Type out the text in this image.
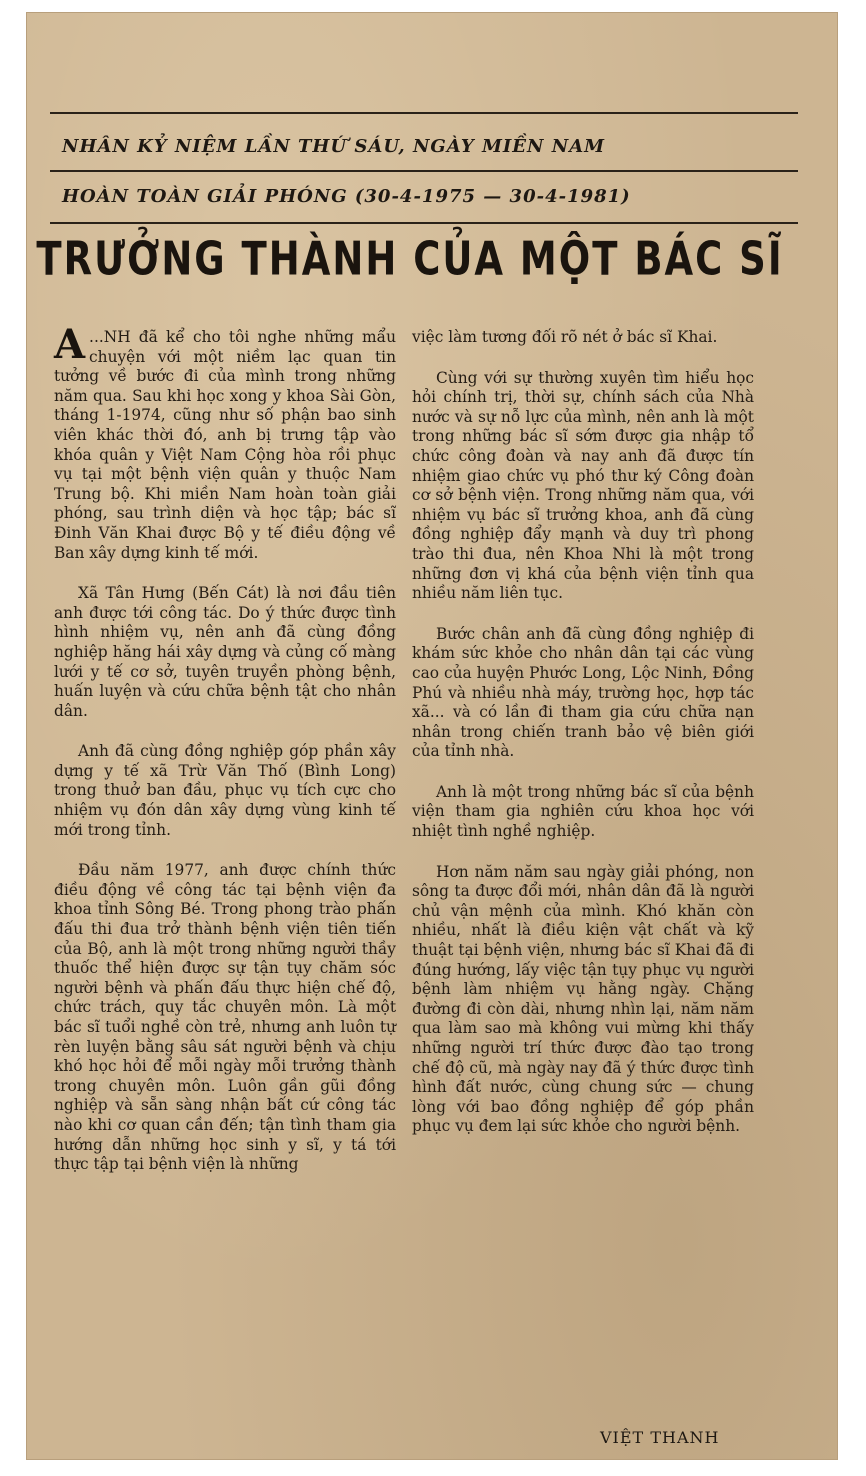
NHÂN KỶ NIỆM LẦN THỨ SÁU, NGÀY MIỀN NAM
HOÀN TOÀN GIẢI PHÓNG (30-4-1975 — 30-4-1981)
TRƯỞNG THÀNH CỦA MỘT BÁC SĨ

...
A NH đã kể cho tôi nghe những mẩu chuyện với một niềm lạc quan tin tưởng về bước đi của mình trong những năm qua. Sau khi học xong y khoa Sài Gòn, tháng 1-1974, cũng như số phận bao sinh viên khác thời đó, anh bị trưng tập vào khóa quân y Việt Nam Cộng hòa rồi phục vụ tại một bệnh viện quân y thuộc Nam Trung bộ. Khi miền Nam hoàn toàn giải phóng, sau trình diện và học tập; bác sĩ Đinh Văn Khai được Bộ y tế điều động về Ban xây dựng kinh tế mới.

Xã Tân Hưng (Bến Cát) là nơi đầu tiên anh được tới công tác. Do ý thức được tình hình nhiệm vụ, nên anh đã cùng đồng nghiệp hăng hái xây dựng và củng cố màng lưới y tế cơ sở, tuyên truyền phòng bệnh, huấn luyện và cứu chữa bệnh tật cho nhân dân.

Anh đã cùng đồng nghiệp góp phần xây dựng y tế xã Trừ Văn Thố (Bình Long) trong thuở ban đầu, phục vụ tích cực cho nhiệm vụ đón dân xây dựng vùng kinh tế mới trong tỉnh.

Đầu năm 1977, anh được chính thức điều động về công tác tại bệnh viện đa khoa tỉnh Sông Bé. Trong phong trào phấn đấu thi đua trở thành bệnh viện tiên tiến của Bộ, anh là một trong những người thầy thuốc thể hiện được sự tận tụy chăm sóc người bệnh và phấn đấu thực hiện chế độ, chức trách, quy tắc chuyên môn. Là một bác sĩ tuổi nghề còn trẻ, nhưng anh luôn tự rèn luyện bằng sâu sát người bệnh và chịu khó học hỏi để mỗi ngày mỗi trưởng thành trong chuyên môn. Luôn gần gũi đồng nghiệp và sẵn sàng nhận bất cứ công tác nào khi cơ quan cần đến; tận tình tham gia hướng dẫn những học sinh y sĩ, y tá tới thực tập tại bệnh viện là những

việc làm tương đối rõ nét ở bác sĩ Khai.

Cùng với sự thường xuyên tìm hiểu học hỏi chính trị, thời sự, chính sách của Nhà nước và sự nỗ lực của mình, nên anh là một trong những bác sĩ sớm được gia nhập tổ chức công đoàn và nay anh đã được tín nhiệm giao chức vụ phó thư ký Công đoàn cơ sở bệnh viện. Trong những năm qua, với nhiệm vụ bác sĩ trưởng khoa, anh đã cùng đồng nghiệp đẩy mạnh và duy trì phong trào thi đua, nên Khoa Nhi là một trong những đơn vị khá của bệnh viện tỉnh qua nhiều năm liên tục.

Bước chân anh đã cùng đồng nghiệp đi khám sức khỏe cho nhân dân tại các vùng cao của huyện Phước Long, Lộc Ninh, Đồng Phú và nhiều nhà máy, trường học, hợp tác xã... và có lần đi tham gia cứu chữa nạn nhân trong chiến tranh bảo vệ biên giới của tỉnh nhà.

Anh là một trong những bác sĩ của bệnh viện tham gia nghiên cứu khoa học với nhiệt tình nghề nghiệp.

Hơn năm năm sau ngày giải phóng, non sông ta được đổi mới, nhân dân đã là người chủ vận mệnh của mình. Khó khăn còn nhiều, nhất là điều kiện vật chất và kỹ thuật tại bệnh viện, nhưng bác sĩ Khai đã đi đúng hướng, lấy việc tận tụy phục vụ người bệnh làm nhiệm vụ hằng ngày. Chặng đường đi còn dài, nhưng nhìn lại, năm năm qua làm sao mà không vui mừng khi thấy những người trí thức được đào tạo trong chế độ cũ, mà ngày nay đã ý thức được tình hình đất nước, cùng chung sức — chung lòng với bao đồng nghiệp để góp phần phục vụ đem lại sức khỏe cho người bệnh.

VIỆT THANH
